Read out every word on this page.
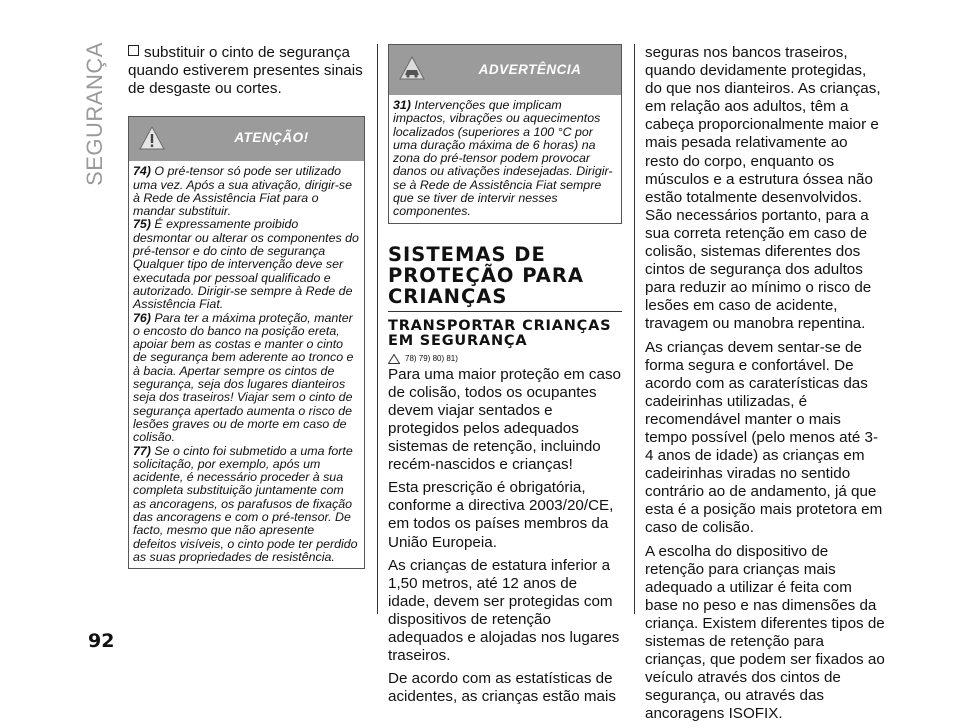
SEGURANÇA	substituir o cinto de segurança quando estiverem presentes sinais de desgaste ou cortes.

ATENÇÃO!

74) O pré-tensor só pode ser utilizado uma vez. Após a sua ativação, dirigir-se à Rede de Assistência Fiat para o mandar substituir.

75) É expressamente proibido desmontar ou alterar os componentes do pré-tensor e do cinto de segurança Qualquer tipo de intervenção deve ser executada por pessoal qualificado e autorizado. Dirigir-se sempre à Rede de Assistência Fiat.

76) Para ter a máxima proteção, manter o encosto do banco na posição ereta, apoiar bem as costas e manter o cinto de segurança bem aderente ao tronco e à bacia. Apertar sempre os cintos de segurança, seja dos lugares dianteiros seja dos traseiros! Viajar sem o cinto de segurança apertado aumenta o risco de lesões graves ou de morte em caso de colisão.

77) Se o cinto foi submetido a uma forte solicitação, por exemplo, após um acidente, é necessário proceder à sua completa substituição juntamente com as ancoragens, os parafusos de fixação das ancoragens e com o pré-tensor. De facto, mesmo que não apresente defeitos visíveis, o cinto pode ter perdido as suas propriedades de resistência.

ADVERTÊNCIA

31) Intervenções que implicam impactos, vibrações ou aquecimentos localizados (superiores a 100 °C por uma duração máxima de 6 horas) na zona do pré-tensor podem provocar danos ou ativações indesejadas. Dirigir-se à Rede de Assistência Fiat sempre que se tiver de intervir nesses componentes.

SISTEMAS DE PROTEÇÃO PARA CRIANÇAS
TRANSPORTAR CRIANÇAS EM SEGURANÇA
78) 79) 80) 81)

Para uma maior proteção em caso de colisão, todos os ocupantes devem viajar sentados e protegidos pelos adequados sistemas de retenção, incluindo recém-nascidos e crianças!

Esta prescrição é obrigatória, conforme a directiva 2003/20/CE, em todos os países membros da União Europeia.

As crianças de estatura inferior a 1,50 metros, até 12 anos de idade, devem ser protegidas com dispositivos de retenção adequados e alojadas nos lugares traseiros.

De acordo com as estatísticas de acidentes, as crianças estão mais

seguras nos bancos traseiros, quando devidamente protegidas, do que nos dianteiros. As crianças, em relação aos adultos, têm a cabeça proporcionalmente maior e mais pesada relativamente ao resto do corpo, enquanto os músculos e a estrutura óssea não estão totalmente desenvolvidos. São necessários portanto, para a sua correta retenção em caso de colisão, sistemas diferentes dos cintos de segurança dos adultos para reduzir ao mínimo o risco de lesões em caso de acidente, travagem ou manobra repentina.

As crianças devem sentar-se de forma segura e confortável. De acordo com as caraterísticas das cadeirinhas utilizadas, é recomendável manter o mais tempo possível (pelo menos até 3-4 anos de idade) as crianças em cadeirinhas viradas no sentido contrário ao de andamento, já que esta é a posição mais protetora em caso de colisão.

A escolha do dispositivo de retenção para crianças mais adequado a utilizar é feita com base no peso e nas dimensões da criança. Existem diferentes tipos de sistemas de retenção para crianças, que podem ser fixados ao veículo através dos cintos de segurança, ou através das ancoragens ISOFIX.

92
